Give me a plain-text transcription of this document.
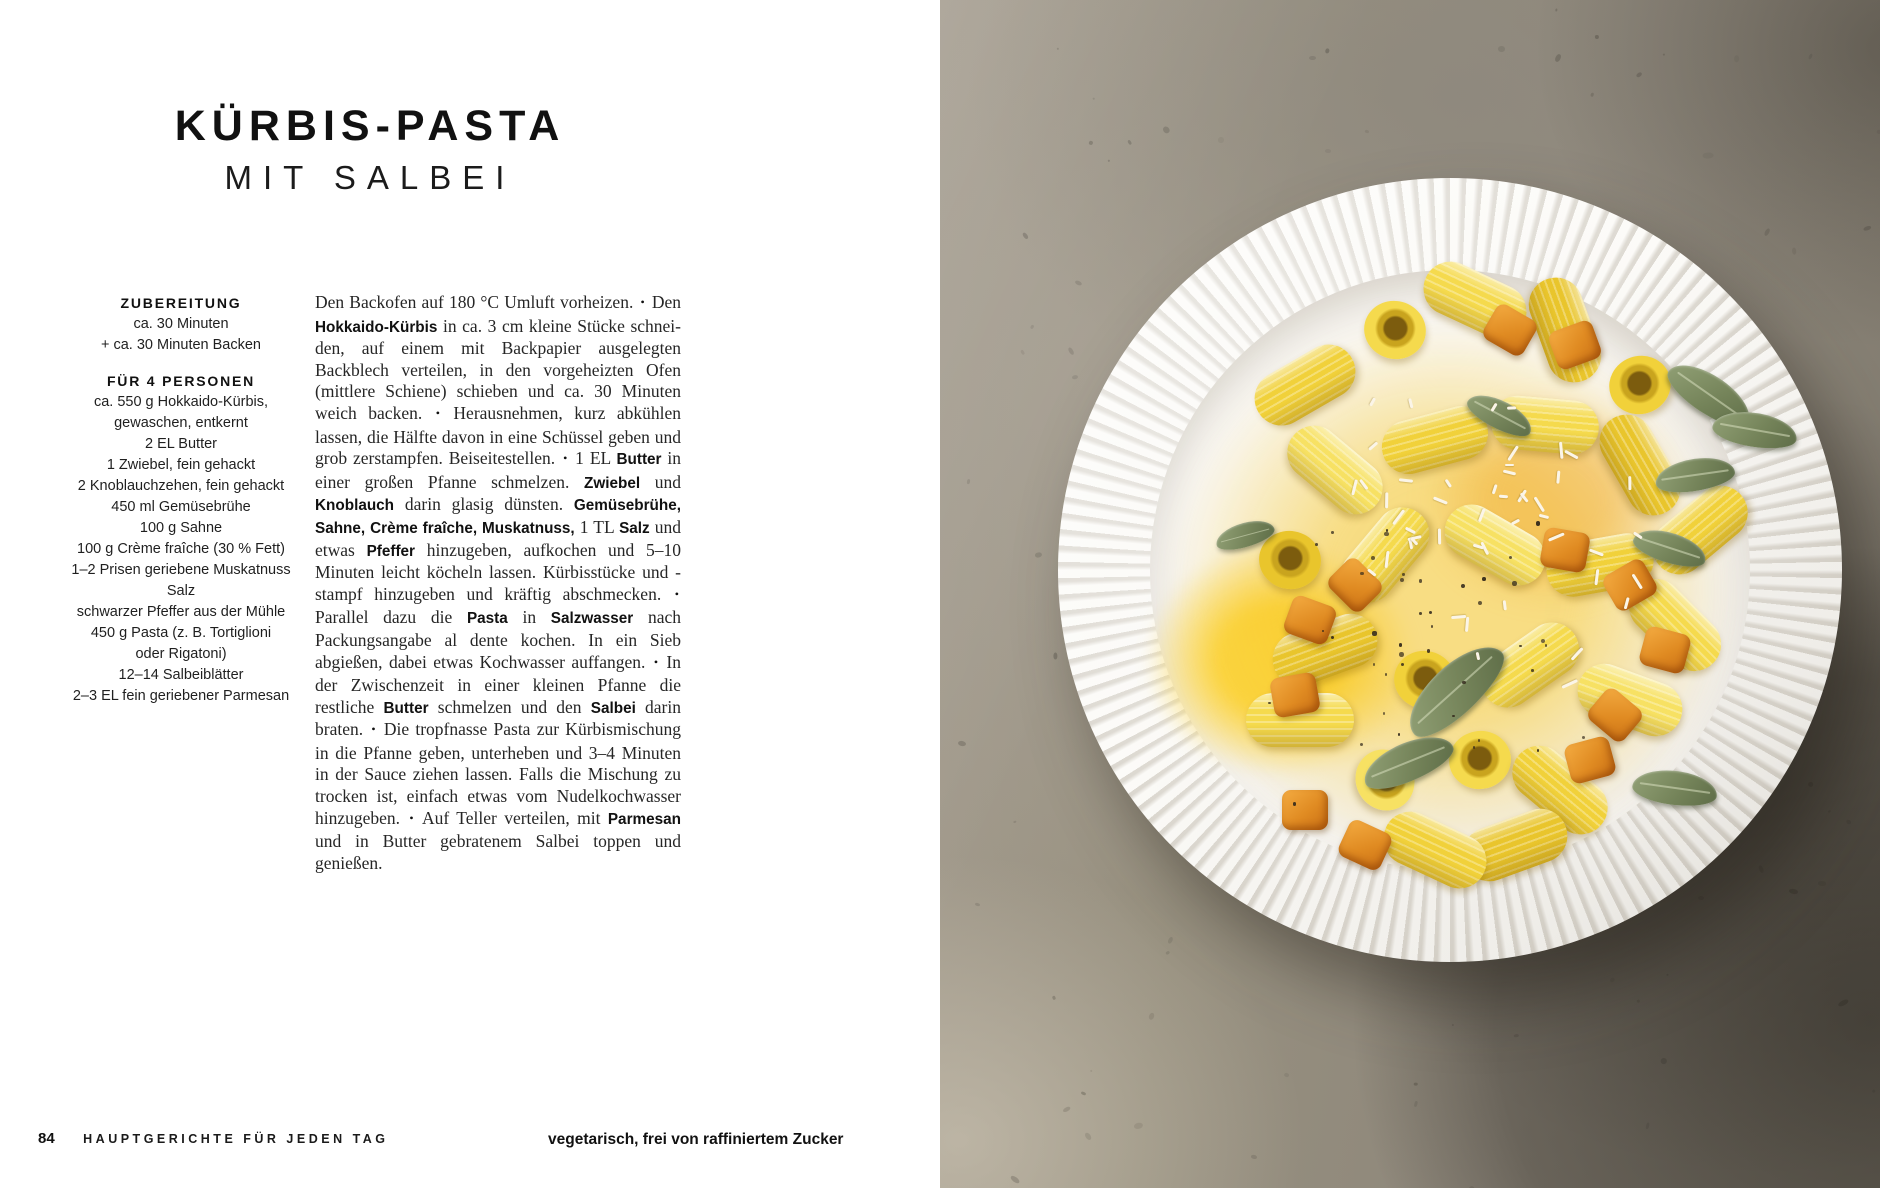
KÜRBIS-PASTA
MIT SALBEI
ZUBEREITUNG
ca. 30 Minuten
+ ca. 30 Minuten Backen
FÜR 4 PERSONEN
ca. 550 g Hokkaido-Kürbis,
gewaschen, entkernt
2 EL Butter
1 Zwiebel, fein gehackt
2 Knoblauchzehen, fein gehackt
450 ml Gemüsebrühe
100 g Sahne
100 g Crème fraîche (30 % Fett)
1–2 Prisen geriebene Muskatnuss
Salz
schwarzer Pfeffer aus der Mühle
450 g Pasta (z. B. Tortiglioni
oder Rigatoni)
12–14 Salbeiblätter
2–3 EL fein geriebener Parmesan
Den Backofen auf 180 °C Umluft vorheizen. • Den Hokkaido-Kürbis in ca. 3 cm kleine Stücke schneiden, auf einem mit Backpapier ausgelegten Backblech verteilen, in den vorgeheizten Ofen (mittlere Schiene) schieben und ca. 30 Minuten weich backen. • Herausnehmen, kurz abkühlen lassen, die Hälfte davon in eine Schüssel geben und grob zerstampfen. Beiseitestellen. • 1 EL Butter in einer großen Pfanne schmelzen. Zwiebel und Knoblauch darin glasig dünsten. Gemüsebrühe, Sahne, Crème fraîche, Muskatnuss, 1 TL Salz und etwas Pfeffer hinzugeben, aufkochen und 5–10 Minuten leicht köcheln lassen. Kürbisstücke und -stampf hinzugeben und kräftig abschmecken. • Parallel dazu die Pasta in Salzwasser nach Packungsangabe al dente kochen. In ein Sieb abgießen, dabei etwas Kochwasser auffangen. • In der Zwischenzeit in einer kleinen Pfanne die restliche Butter schmelzen und den Salbei darin braten. • Die tropfnasse Pasta zur Kürbismischung in die Pfanne geben, unterheben und 3–4 Minuten in der Sauce ziehen lassen. Falls die Mischung zu trocken ist, einfach etwas vom Nudelkochwasser hinzugeben. • Auf Teller verteilen, mit Parmesan und in Butter gebratenem Salbei toppen und genießen.
84 HAUPTGERICHTE FÜR JEDEN TAG	vegetarisch, frei von raffiniertem Zucker
